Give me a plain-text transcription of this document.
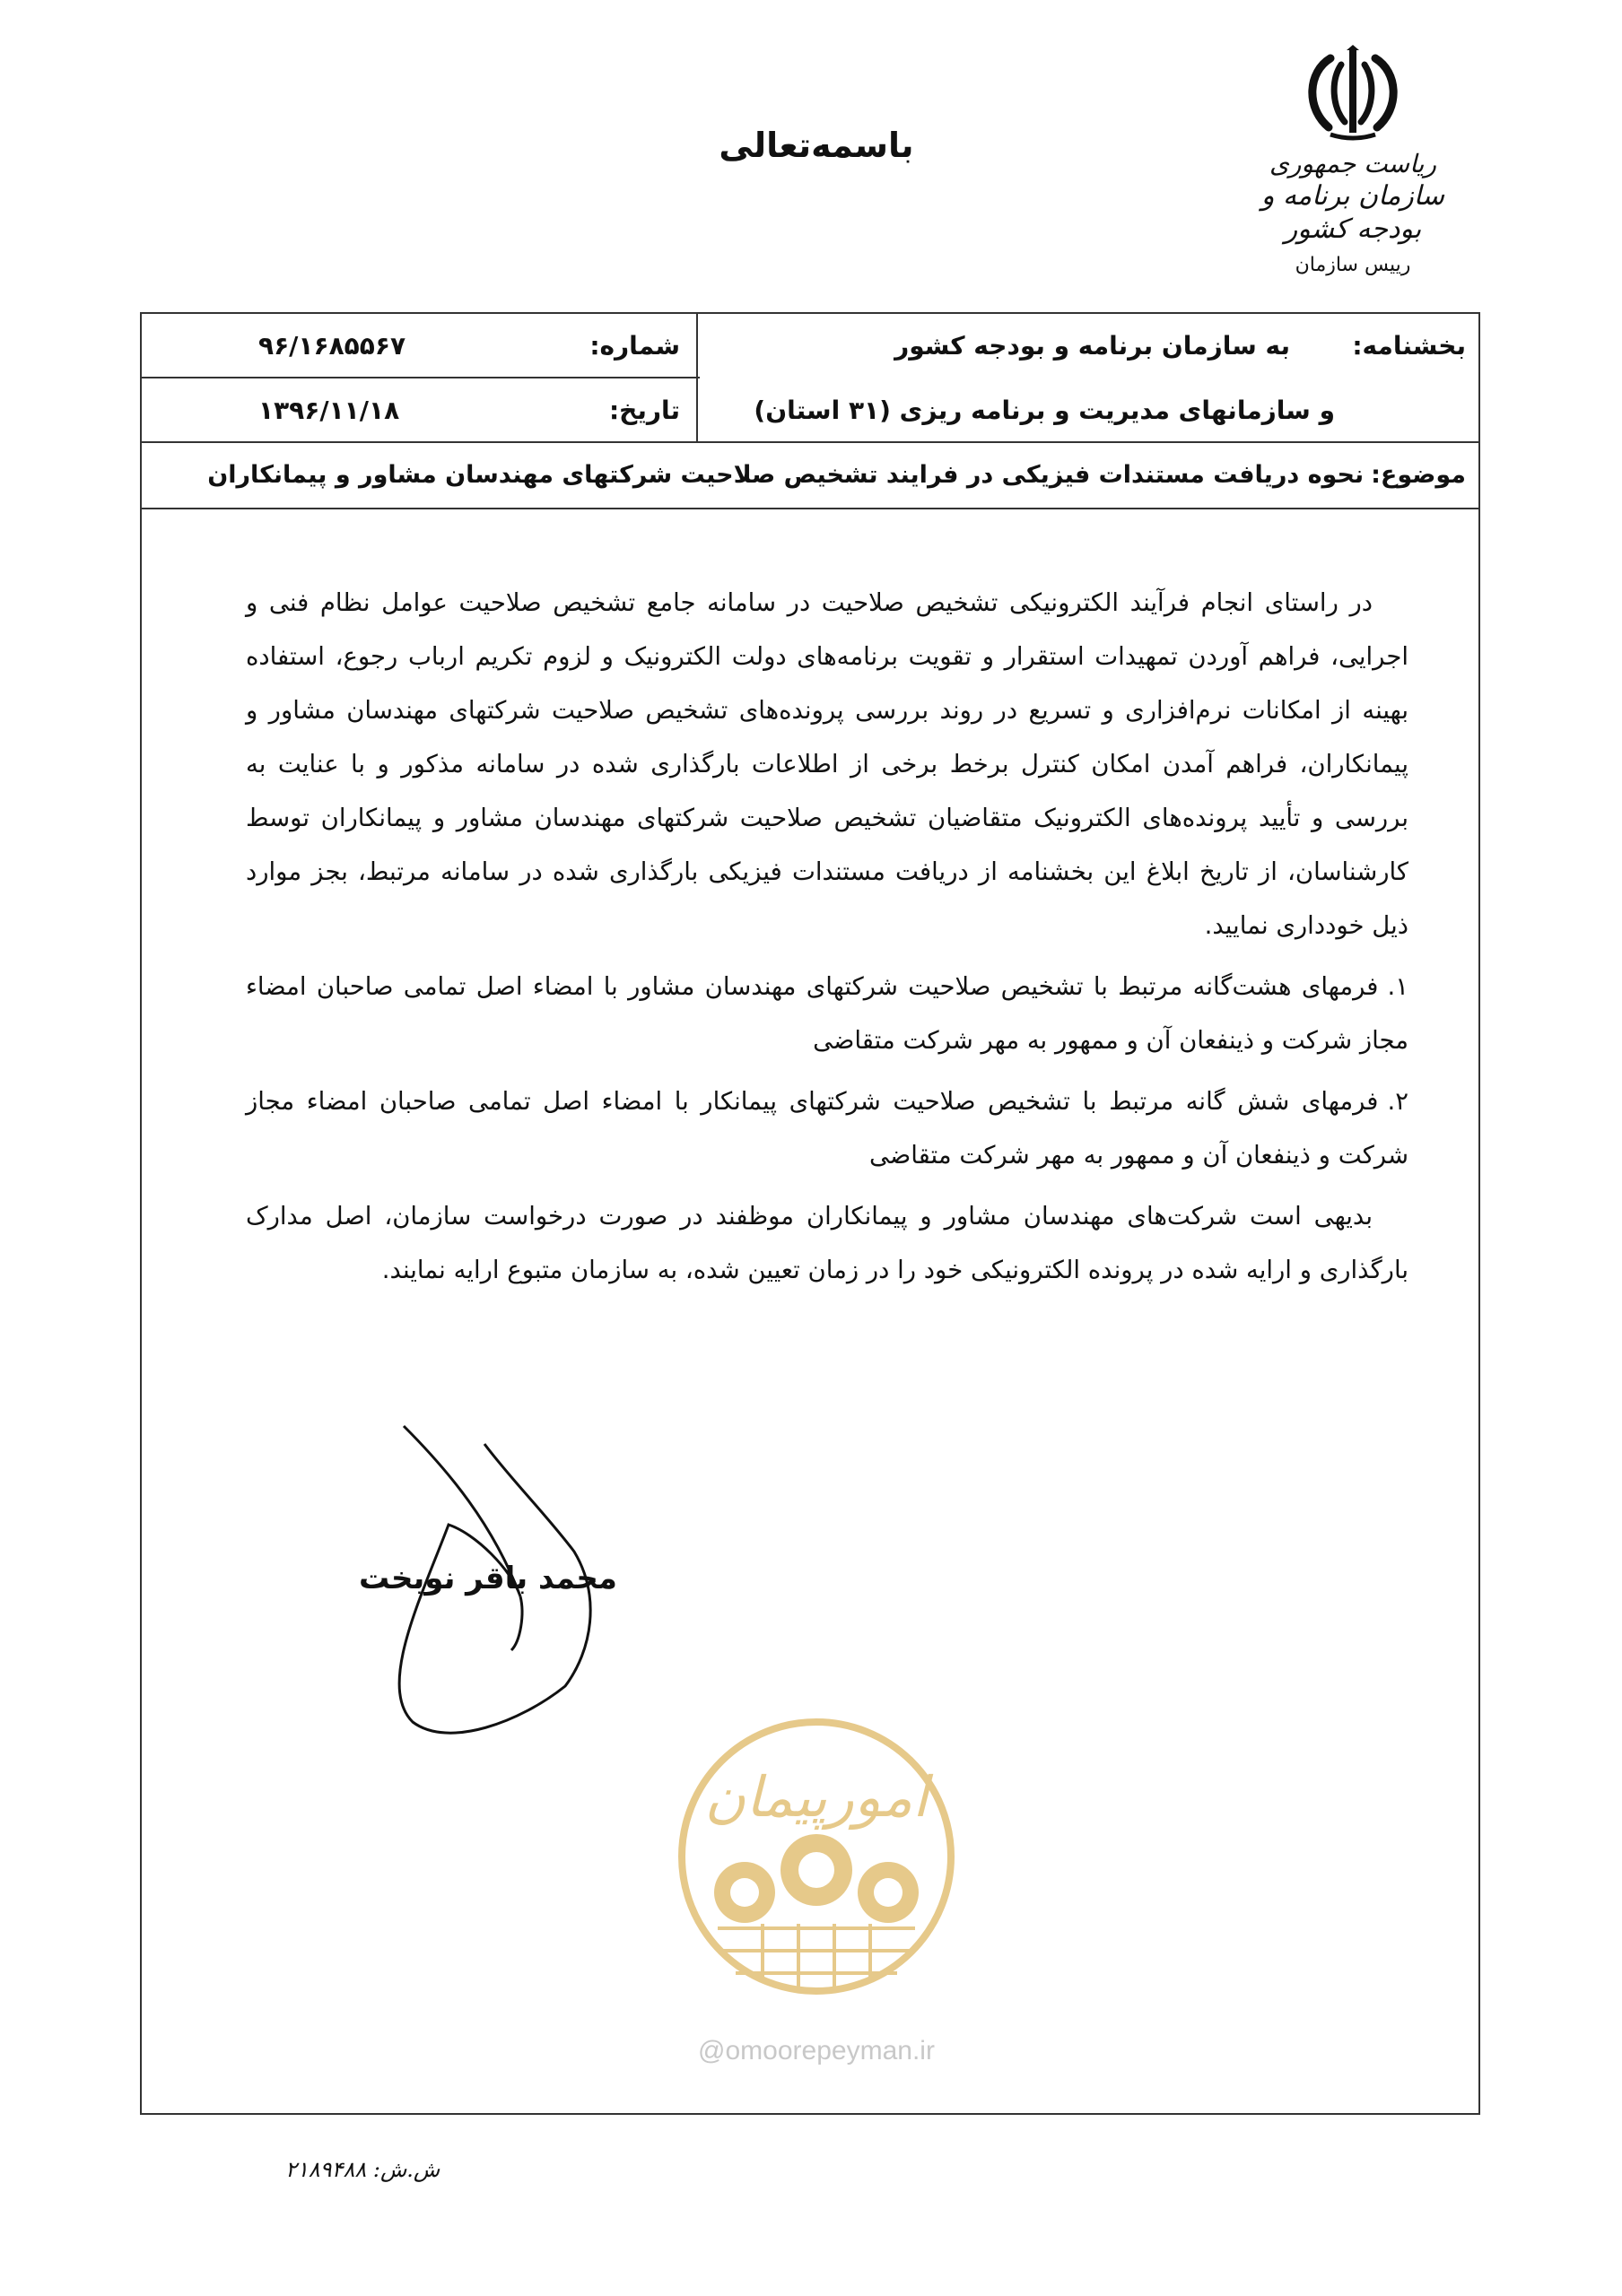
باسمه‌تعالی	ریاست جمهوری
سازمان برنامه و بودجه کشور
رییس سازمان
بخشنامه:
به سازمان برنامه و بودجه کشور
و سازمانهای مدیریت و برنامه ریزی (۳۱ استان)
شماره:
۹۶/۱۶۸۵۵۶۷
تاریخ:
۱۳۹۶/۱۱/۱۸
موضوع:
نحوه دریافت مستندات فیزیکی در فرایند تشخیص صلاحیت شرکتهای مهندسان مشاور و پیمانکاران

در راستای انجام فرآیند الکترونیکی تشخیص صلاحیت در سامانه جامع تشخیص صلاحیت عوامل نظام فنی و اجرایی، فراهم آوردن تمهیدات استقرار و تقویت برنامه‌های دولت الکترونیک و لزوم تکریم ارباب رجوع، استفاده بهینه از امکانات نرم‌افزاری و تسریع در روند بررسی پرونده‌های تشخیص صلاحیت شرکتهای مهندسان مشاور و پیمانکاران، فراهم آمدن امکان کنترل برخط برخی از اطلاعات بارگذاری شده در سامانه مذکور و با عنایت به بررسی و تأیید پرونده‌های الکترونیک متقاضیان تشخیص صلاحیت شرکتهای مهندسان مشاور و پیمانکاران توسط کارشناسان، از تاریخ ابلاغ این بخشنامه از دریافت مستندات فیزیکی بارگذاری شده در سامانه مرتبط، بجز موارد ذیل خودداری نمایید.

۱.فرمهای هشت‌گانه مرتبط با تشخیص صلاحیت شرکتهای مهندسان مشاور با امضاء اصل تمامی صاحبان امضاء مجاز شرکت و ذینفعان آن و ممهور به مهر شرکت متقاضی

۲.فرمهای شش گانه مرتبط با تشخیص صلاحیت شرکتهای پیمانکار با امضاء اصل تمامی صاحبان امضاء مجاز شرکت و ذینفعان آن و ممهور به مهر شرکت متقاضی

بدیهی است شرکت‌های مهندسان مشاور و پیمانکاران موظفند در صورت درخواست سازمان، اصل مدارک بارگذاری و ارایه شده در پرونده الکترونیکی خود را در زمان تعیین شده، به سازمان متبوع ارایه نمایند.

محمد باقر نوبخت
امورپیمان
@omoorepeyman.ir
ش.ش: ۲۱۸۹۴۸۸
